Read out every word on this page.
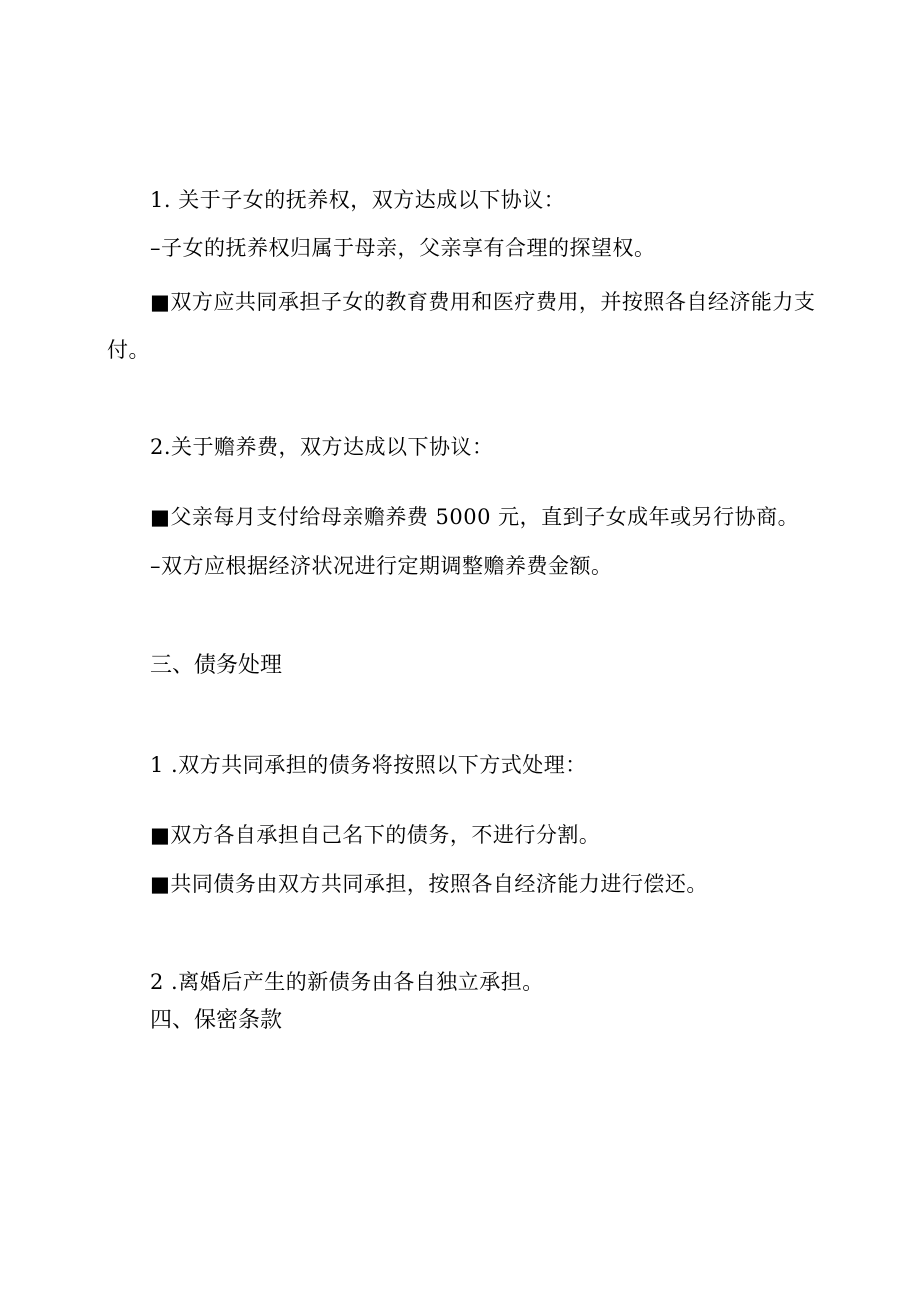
1. 关于子女的抚养权，双方达成以下协议：
–子女的抚养权归属于母亲，父亲享有合理的探望权。
■双方应共同承担子女的教育费用和医疗费用，并按照各自经济能力支
付。
2.关于赡养费，双方达成以下协议：
■父亲每月支付给母亲赡养费 5000 元，直到子女成年或另行协商。
–双方应根据经济状况进行定期调整赡养费金额。
三、债务处理
1 .双方共同承担的债务将按照以下方式处理：
■双方各自承担自己名下的债务，不进行分割。
■共同债务由双方共同承担，按照各自经济能力进行偿还。
2 .离婚后产生的新债务由各自独立承担。
四、保密条款
